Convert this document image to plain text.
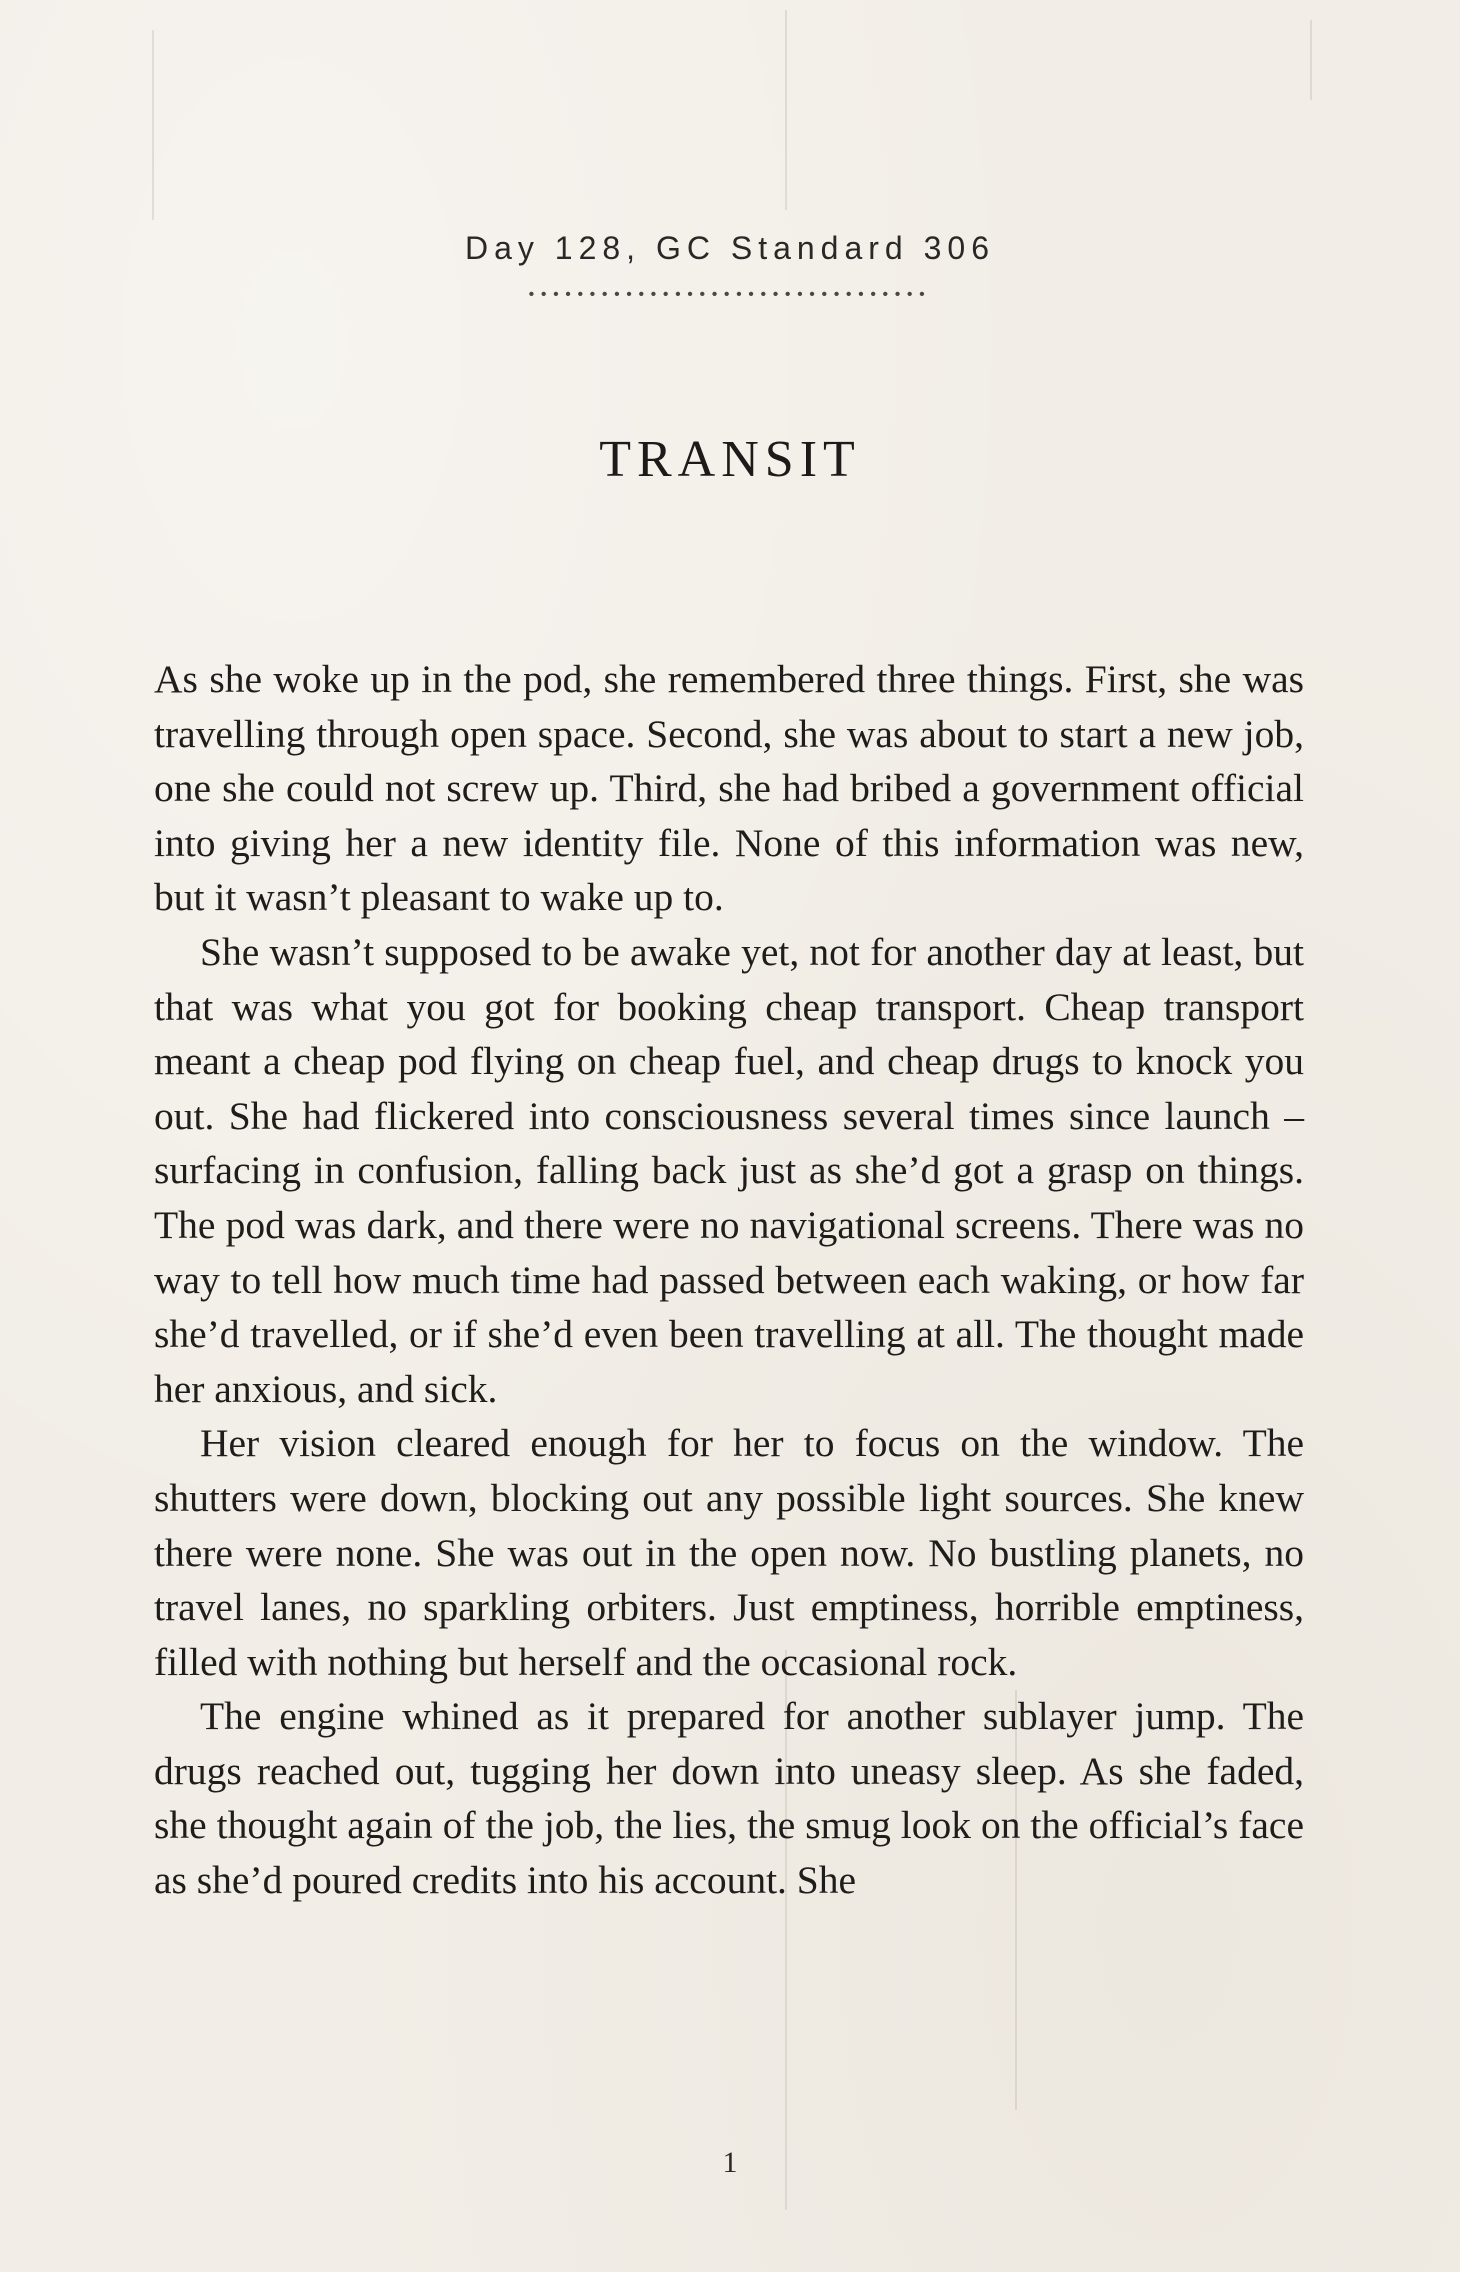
Day 128, GC Standard 306
•••••••••••••••••••••••••••••••••
TRANSIT

As she woke up in the pod, she remembered three things. First, she was travelling through open space. Second, she was about to start a new job, one she could not screw up. Third, she had bribed a government official into giving her a new identity file. None of this information was new, but it wasn’t pleasant to wake up to.

She wasn’t supposed to be awake yet, not for another day at least, but that was what you got for booking cheap transport. Cheap transport meant a cheap pod flying on cheap fuel, and cheap drugs to knock you out. She had flickered into consciousness several times since launch – surfacing in confusion, falling back just as she’d got a grasp on things. The pod was dark, and there were no navigational screens. There was no way to tell how much time had passed between each waking, or how far she’d travelled, or if she’d even been travelling at all. The thought made her anxious, and sick.

Her vision cleared enough for her to focus on the window. The shutters were down, blocking out any possible light sources. She knew there were none. She was out in the open now. No bustling planets, no travel lanes, no sparkling orbiters. Just emptiness, horrible emptiness, filled with nothing but herself and the occasional rock.

The engine whined as it prepared for another sublayer jump. The drugs reached out, tugging her down into uneasy sleep. As she faded, she thought again of the job, the lies, the smug look on the official’s face as she’d poured credits into his account. She

1
